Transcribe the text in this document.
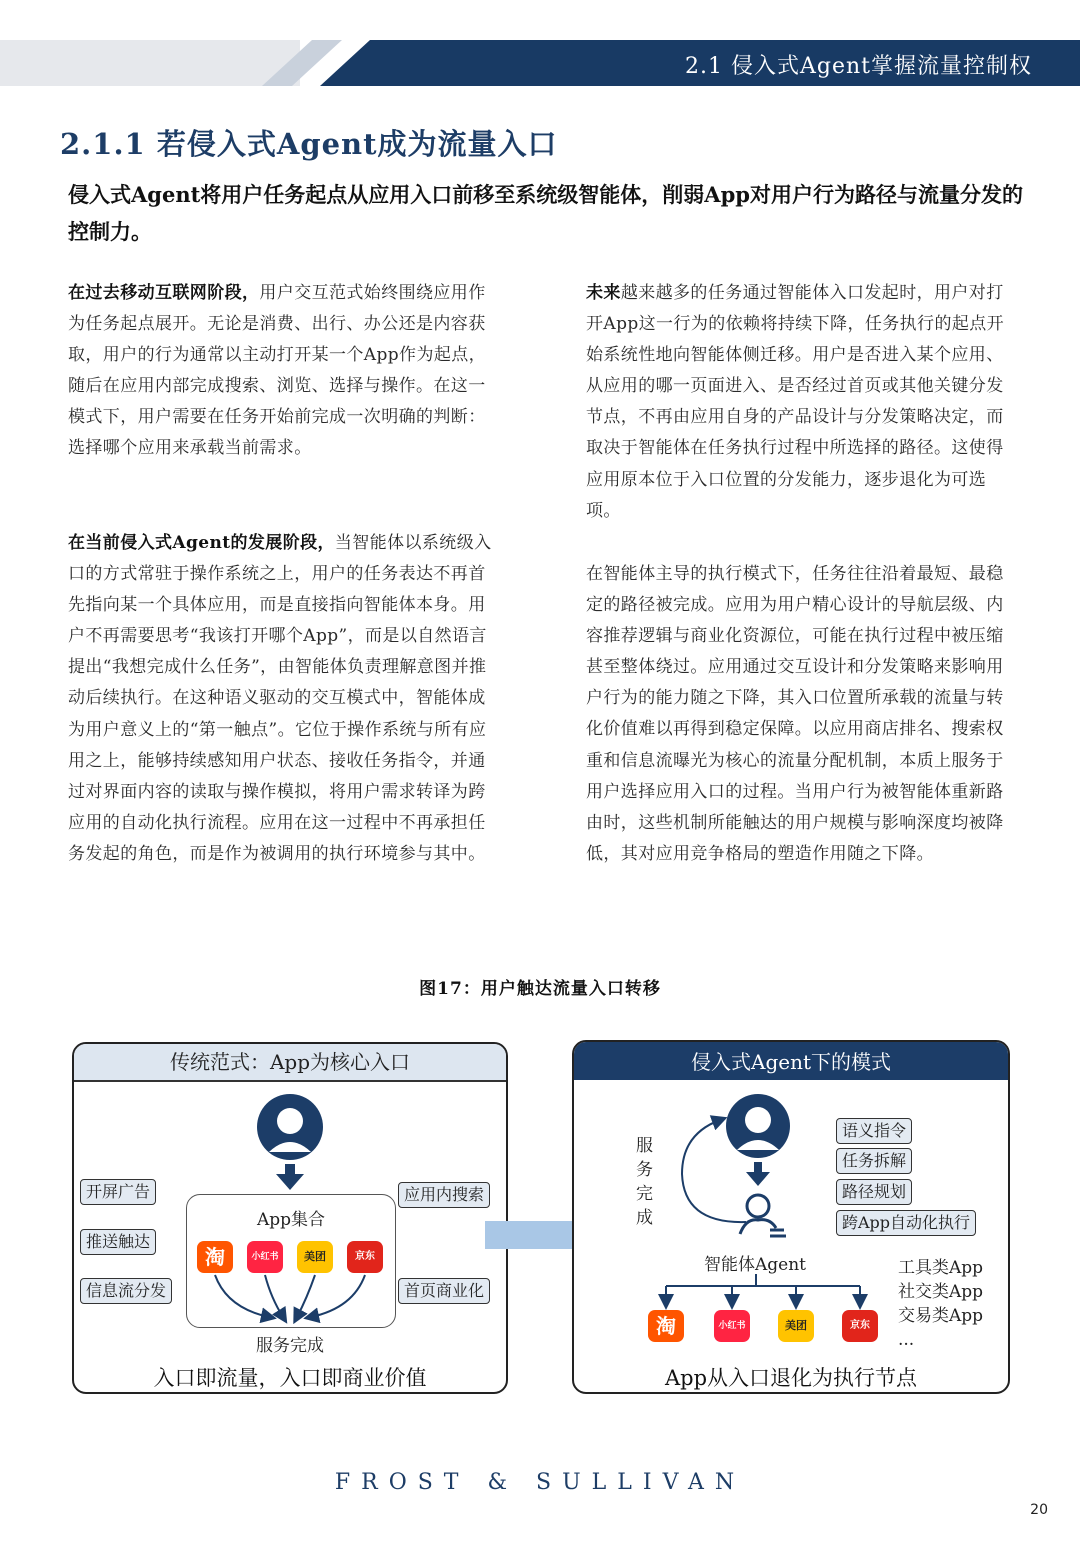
2.1 侵入式Agent掌握流量控制权
2.1.1 若侵入式Agent成为流量入口
侵入式Agent将用户任务起点从应用入口前移至系统级智能体，削弱App对用户行为路径与流量分发的控制力。

在过去移动互联网阶段，用户交互范式始终围绕应用作为任务起点展开。无论是消费、出行、办公还是内容获取，用户的行为通常以主动打开某一个App作为起点，随后在应用内部完成搜索、浏览、选择与操作。在这一模式下，用户需要在任务开始前完成一次明确的判断：选择哪个应用来承载当前需求。

在当前侵入式Agent的发展阶段，当智能体以系统级入口的方式常驻于操作系统之上，用户的任务表达不再首先指向某一个具体应用，而是直接指向智能体本身。用户不再需要思考“我该打开哪个App”，而是以自然语言提出“我想完成什么任务”，由智能体负责理解意图并推动后续执行。在这种语义驱动的交互模式中，智能体成为用户意义上的“第一触点”。它位于操作系统与所有应用之上，能够持续感知用户状态、接收任务指令，并通过对界面内容的读取与操作模拟，将用户需求转译为跨应用的自动化执行流程。应用在这一过程中不再承担任务发起的角色，而是作为被调用的执行环境参与其中。

未来越来越多的任务通过智能体入口发起时，用户对打开App这一行为的依赖将持续下降，任务执行的起点开始系统性地向智能体侧迁移。用户是否进入某个应用、从应用的哪一页面进入、是否经过首页或其他关键分发节点，不再由应用自身的产品设计与分发策略决定，而取决于智能体在任务执行过程中所选择的路径。这使得应用原本位于入口位置的分发能力，逐步退化为可选项。

在智能体主导的执行模式下，任务往往沿着最短、最稳定的路径被完成。应用为用户精心设计的导航层级、内容推荐逻辑与商业化资源位，可能在执行过程中被压缩甚至整体绕过。应用通过交互设计和分发策略来影响用户行为的能力随之下降，其入口位置所承载的流量与转化价值难以再得到稳定保障。以应用商店排名、搜索权重和信息流曝光为核心的流量分配机制，本质上服务于用户选择应用入口的过程。当用户行为被智能体重新路由时，这些机制所能触达的用户规模与影响深度均被降低，其对应用竞争格局的塑造作用随之下降。

图17：用户触达流量入口转移
传统范式：App为核心入口
开屏广告
推送触达
信息流分发
应用内搜索
首页商业化
App集合
淘	小红书	美团	京东
服务完成
入口即流量，入口即商业价值
侵入式Agent下的模式
服
务
完
成
语义指令
任务拆解
路径规划
跨App自动化执行
智能体Agent
淘	小红书	美团	京东
工具类App
社交类App
交易类App
...
App从入口退化为执行节点
FROST & SULLIVAN
20
